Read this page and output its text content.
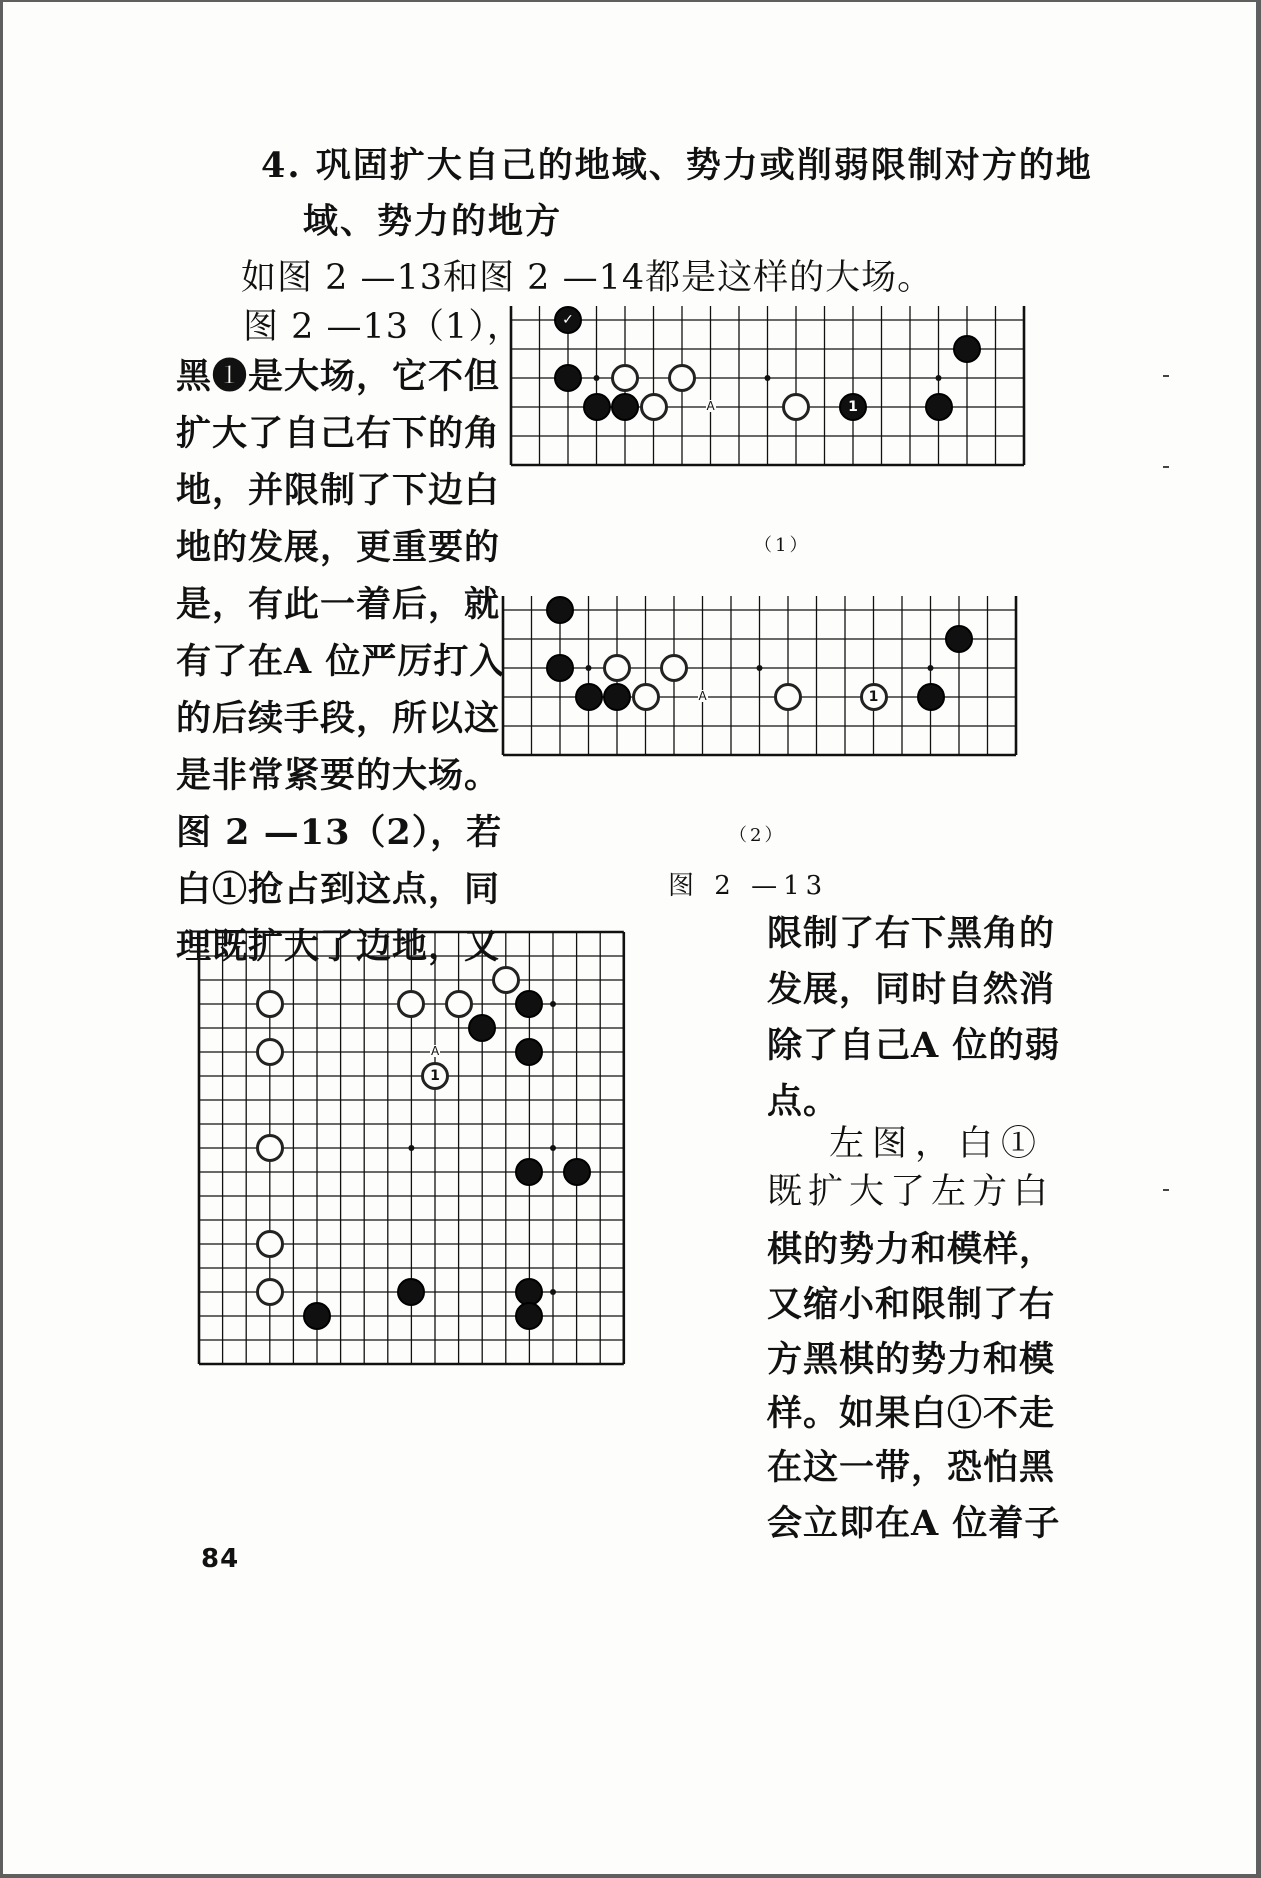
4. 巩固扩大自己的地域、势力或削弱限制对方的地
域、势力的地方
如图 2 —13和图 2 —14都是这样的大场。
图 2 —13（1），
黑❶是大场，它不但
扩大了自己右下的角
地，并限制了下边白
地的发展，更重要的
是，有此一着后，就
有了在A 位严厉打入
的后续手段，所以这
是非常紧要的大场。
图 2 —13（2），若
白①抢占到这点，同
理既扩大了边地，又
（1）
（2）
图 2 —13
限制了右下黑角的
发展，同时自然消
除了自己A 位的弱
点。
左图，白①
既扩大了左方白
棋的势力和模样，
又缩小和限制了右
方黑棋的势力和模
样。如果白①不走
在这一带，恐怕黑
会立即在A 位着子
84
A
✓
1
A	1
A
1
